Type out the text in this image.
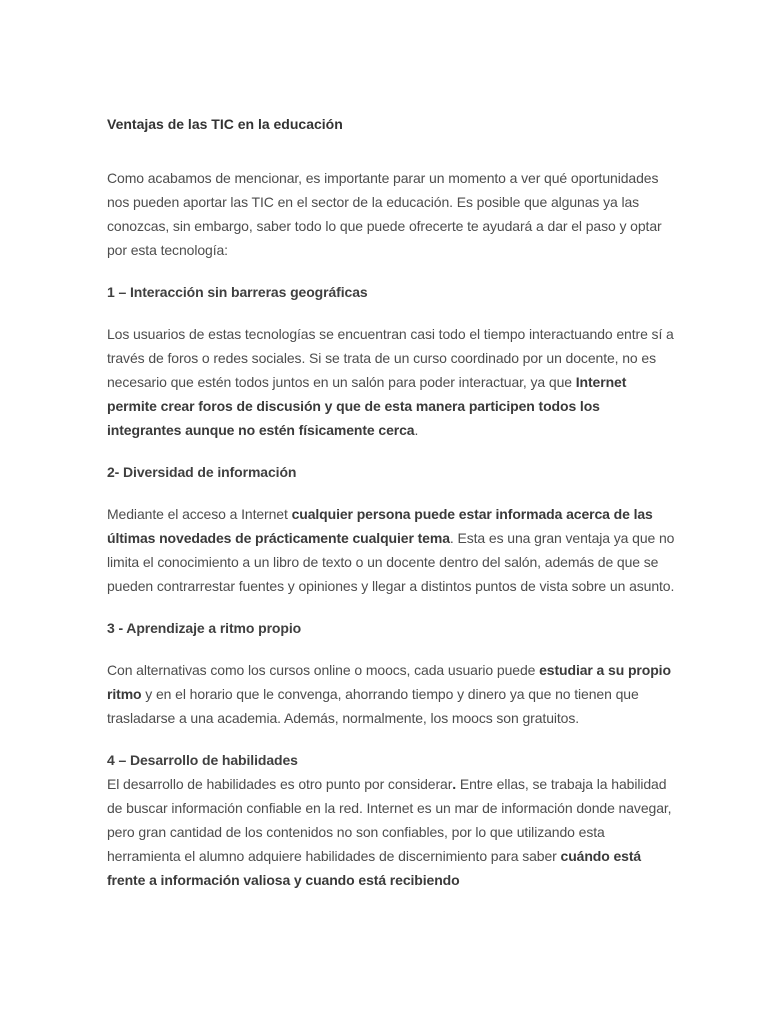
Ventajas de las TIC en la educación

Como acabamos de mencionar, es importante parar un momento a ver qué oportunidades nos pueden aportar las TIC en el sector de la educación. Es posible que algunas ya las conozcas, sin embargo, saber todo lo que puede ofrecerte te ayudará a dar el paso y optar por esta tecnología:

1 – Interacción sin barreras geográficas

Los usuarios de estas tecnologías se encuentran casi todo el tiempo interactuando entre sí a través de foros o redes sociales. Si se trata de un curso coordinado por un docente, no es necesario que estén todos juntos en un salón para poder interactuar, ya que Internet permite crear foros de discusión y que de esta manera participen todos los integrantes aunque no estén físicamente cerca.

2- Diversidad de información

Mediante el acceso a Internet cualquier persona puede estar informada acerca de las últimas novedades de prácticamente cualquier tema. Esta es una gran ventaja ya que no limita el conocimiento a un libro de texto o un docente dentro del salón, además de que se pueden contrarrestar fuentes y opiniones y llegar a distintos puntos de vista sobre un asunto.

3 - Aprendizaje a ritmo propio

Con alternativas como los cursos online o moocs, cada usuario puede estudiar a su propio ritmo y en el horario que le convenga, ahorrando tiempo y dinero ya que no tienen que trasladarse a una academia. Además, normalmente, los moocs son gratuitos.

4 – Desarrollo de habilidades

El desarrollo de habilidades es otro punto por considerar. Entre ellas, se trabaja la habilidad de buscar información confiable en la red. Internet es un mar de información donde navegar, pero gran cantidad de los contenidos no son confiables, por lo que utilizando esta herramienta el alumno adquiere habilidades de discernimiento para saber cuándo está frente a información valiosa y cuando está recibiendo
